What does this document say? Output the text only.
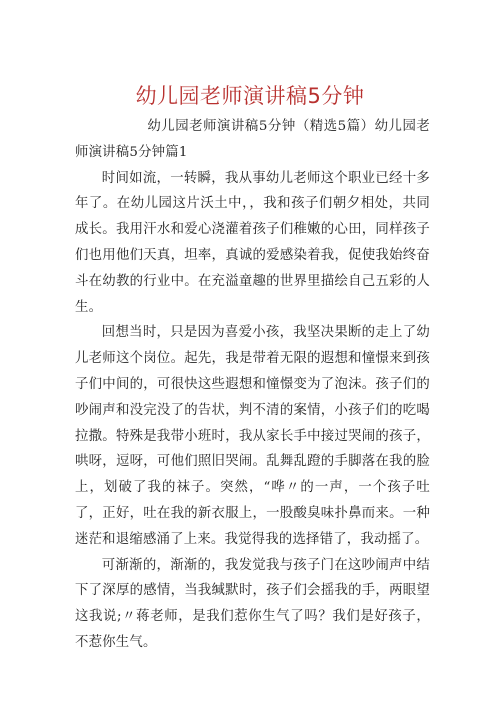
幼儿园老师演讲稿5分钟

幼儿园老师演讲稿5分钟（精选5篇）幼儿园老师演讲稿5分钟篇1

时间如流，一转瞬，我从事幼儿老师这个职业已经十多年了。在幼儿园这片沃土中，，我和孩子们朝夕相处，共同成长。我用汗水和爱心浇灌着孩子们稚嫩的心田，同样孩子们也用他们天真，坦率，真诚的爱感染着我，促使我始终奋斗在幼教的行业中。在充溢童趣的世界里描绘自己五彩的人生。

回想当时，只是因为喜爱小孩，我坚决果断的走上了幼儿老师这个岗位。起先，我是带着无限的遐想和憧憬来到孩子们中间的，可很快这些遐想和憧憬变为了泡沫。孩子们的吵闹声和没完没了的告状，判不清的案情，小孩子们的吃喝拉撒。特殊是我带小班时，我从家长手中接过哭闹的孩子，哄呀，逗呀，可他们照旧哭闹。乱舞乱蹬的手脚落在我的脸上，划破了我的袜子。突然，“哗〃的一声，一个孩子吐了，正好，吐在我的新衣服上，一股酸臭味扑鼻而来。一种迷茫和退缩感涌了上来。我觉得我的选择错了，我动摇了。

可渐渐的，渐渐的，我发觉我与孩子门在这吵闹声中结下了深厚的感情，当我缄默时，孩子们会摇我的手，两眼望这我说;〃蒋老师，是我们惹你生气了吗？我们是好孩子，不惹你生气。
